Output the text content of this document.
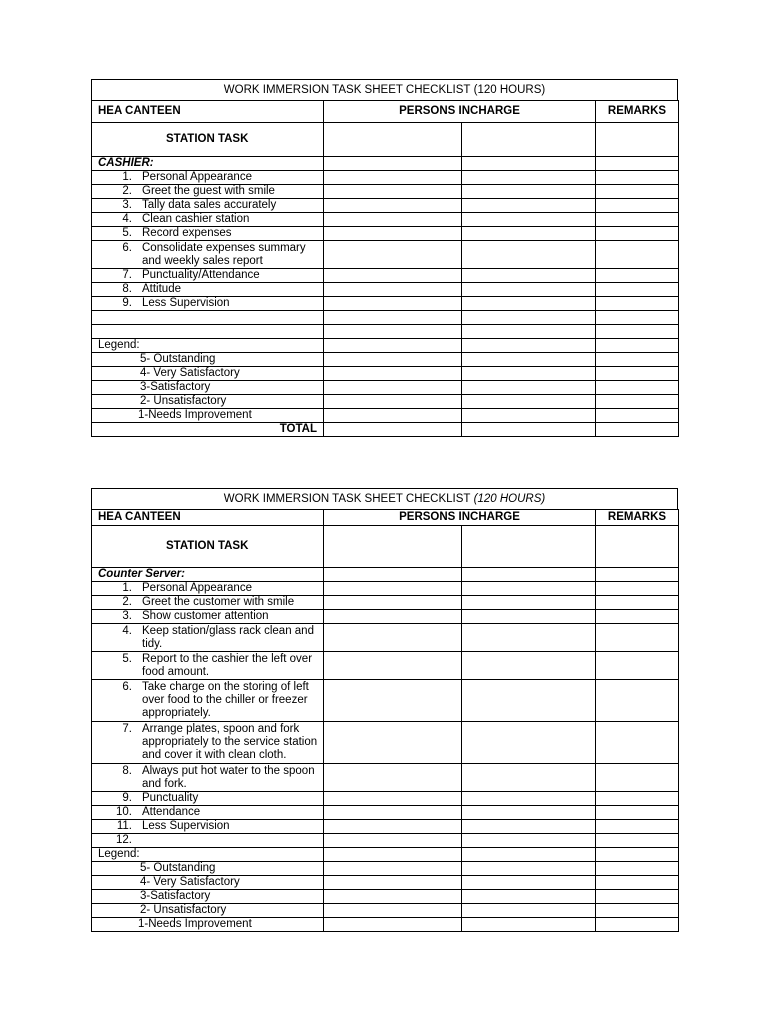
WORK IMMERSION TASK SHEET CHECKLIST
(120 HOURS)
HEA CANTEEN	PERSONS INCHARGE		REMARKS
STATION TASK			
CASHIER:			

1. Personal Appearance			

2. Greet the guest with smile			

3. Tally data sales accurately			

4. Clean cashier station			

5. Record expenses			

6. Consolidate expenses summary
and weekly sales report			

7. Punctuality/Attendance			

8. Attitude			

9. Less Supervision			

Legend:			
5- Outstanding			
4- Very Satisfactory			
3-Satisfactory			
2- Unsatisfactory			
1-Needs Improvement			
TOTAL			
WORK IMMERSION TASK SHEET CHECKLIST
(120 HOURS)
HEA CANTEEN	PERSONS INCHARGE		REMARKS
STATION TASK			
Counter Server:			

1. Personal Appearance			

2. Greet the customer with smile			

3. Show customer attention			

4. Keep station/glass rack clean and
tidy.			

5. Report to the cashier the left over
food amount.			

6. Take charge on the storing of left
over food to the chiller or freezer
appropriately.			

7. Arrange plates, spoon and fork
appropriately to the service station
and cover it with clean cloth.			

8. Always put hot water to the spoon
and fork.			

9. Punctuality			

10. Attendance			

11. Less Supervision			

12.			

Legend:			
5- Outstanding			
4- Very Satisfactory			
3-Satisfactory			
2- Unsatisfactory			
1-Needs Improvement			
